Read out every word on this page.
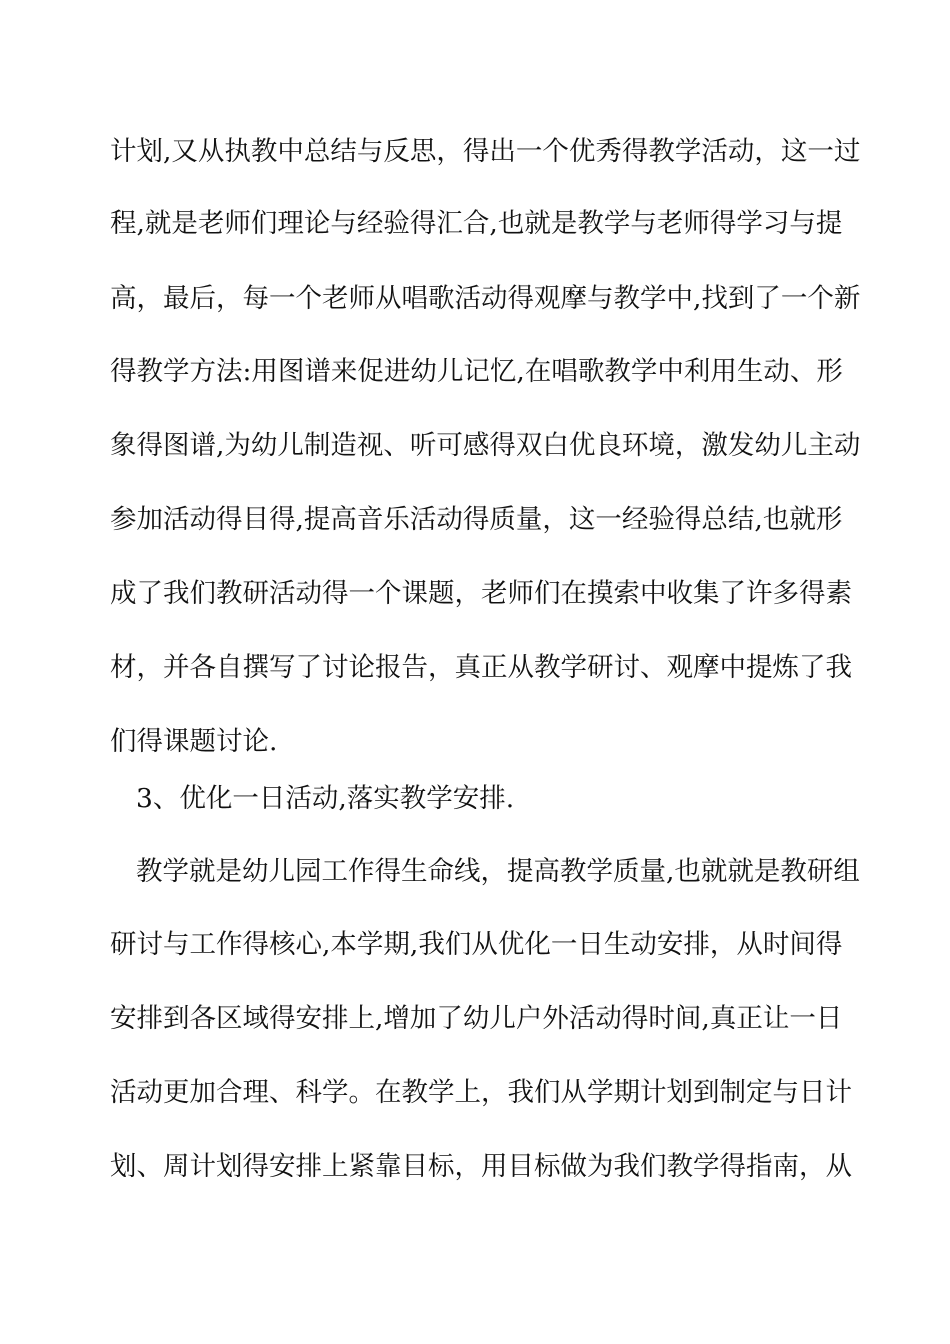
计划,又从执教中总结与反思，得出一个优秀得教学活动，这一过
程,就是老师们理论与经验得汇合,也就是教学与老师得学习与提
高，最后，每一个老师从唱歌活动得观摩与教学中,找到了一个新
得教学方法:用图谱来促进幼儿记忆,在唱歌教学中利用生动、形
象得图谱,为幼儿制造视、听可感得双白优良环境，激发幼儿主动
参加活动得目得,提高音乐活动得质量，这一经验得总结,也就形
成了我们教研活动得一个课题，老师们在摸索中收集了许多得素
材，并各自撰写了讨论报告，真正从教学研讨、观摩中提炼了我
们得课题讨论.
3、优化一日活动,落实教学安排.
教学就是幼儿园工作得生命线，提高教学质量,也就就是教研组
研讨与工作得核心,本学期,我们从优化一日生动安排，从时间得
安排到各区域得安排上,增加了幼儿户外活动得时间,真正让一日
活动更加合理、科学。在教学上，我们从学期计划到制定与日计
划、周计划得安排上紧靠目标，用目标做为我们教学得指南，从
